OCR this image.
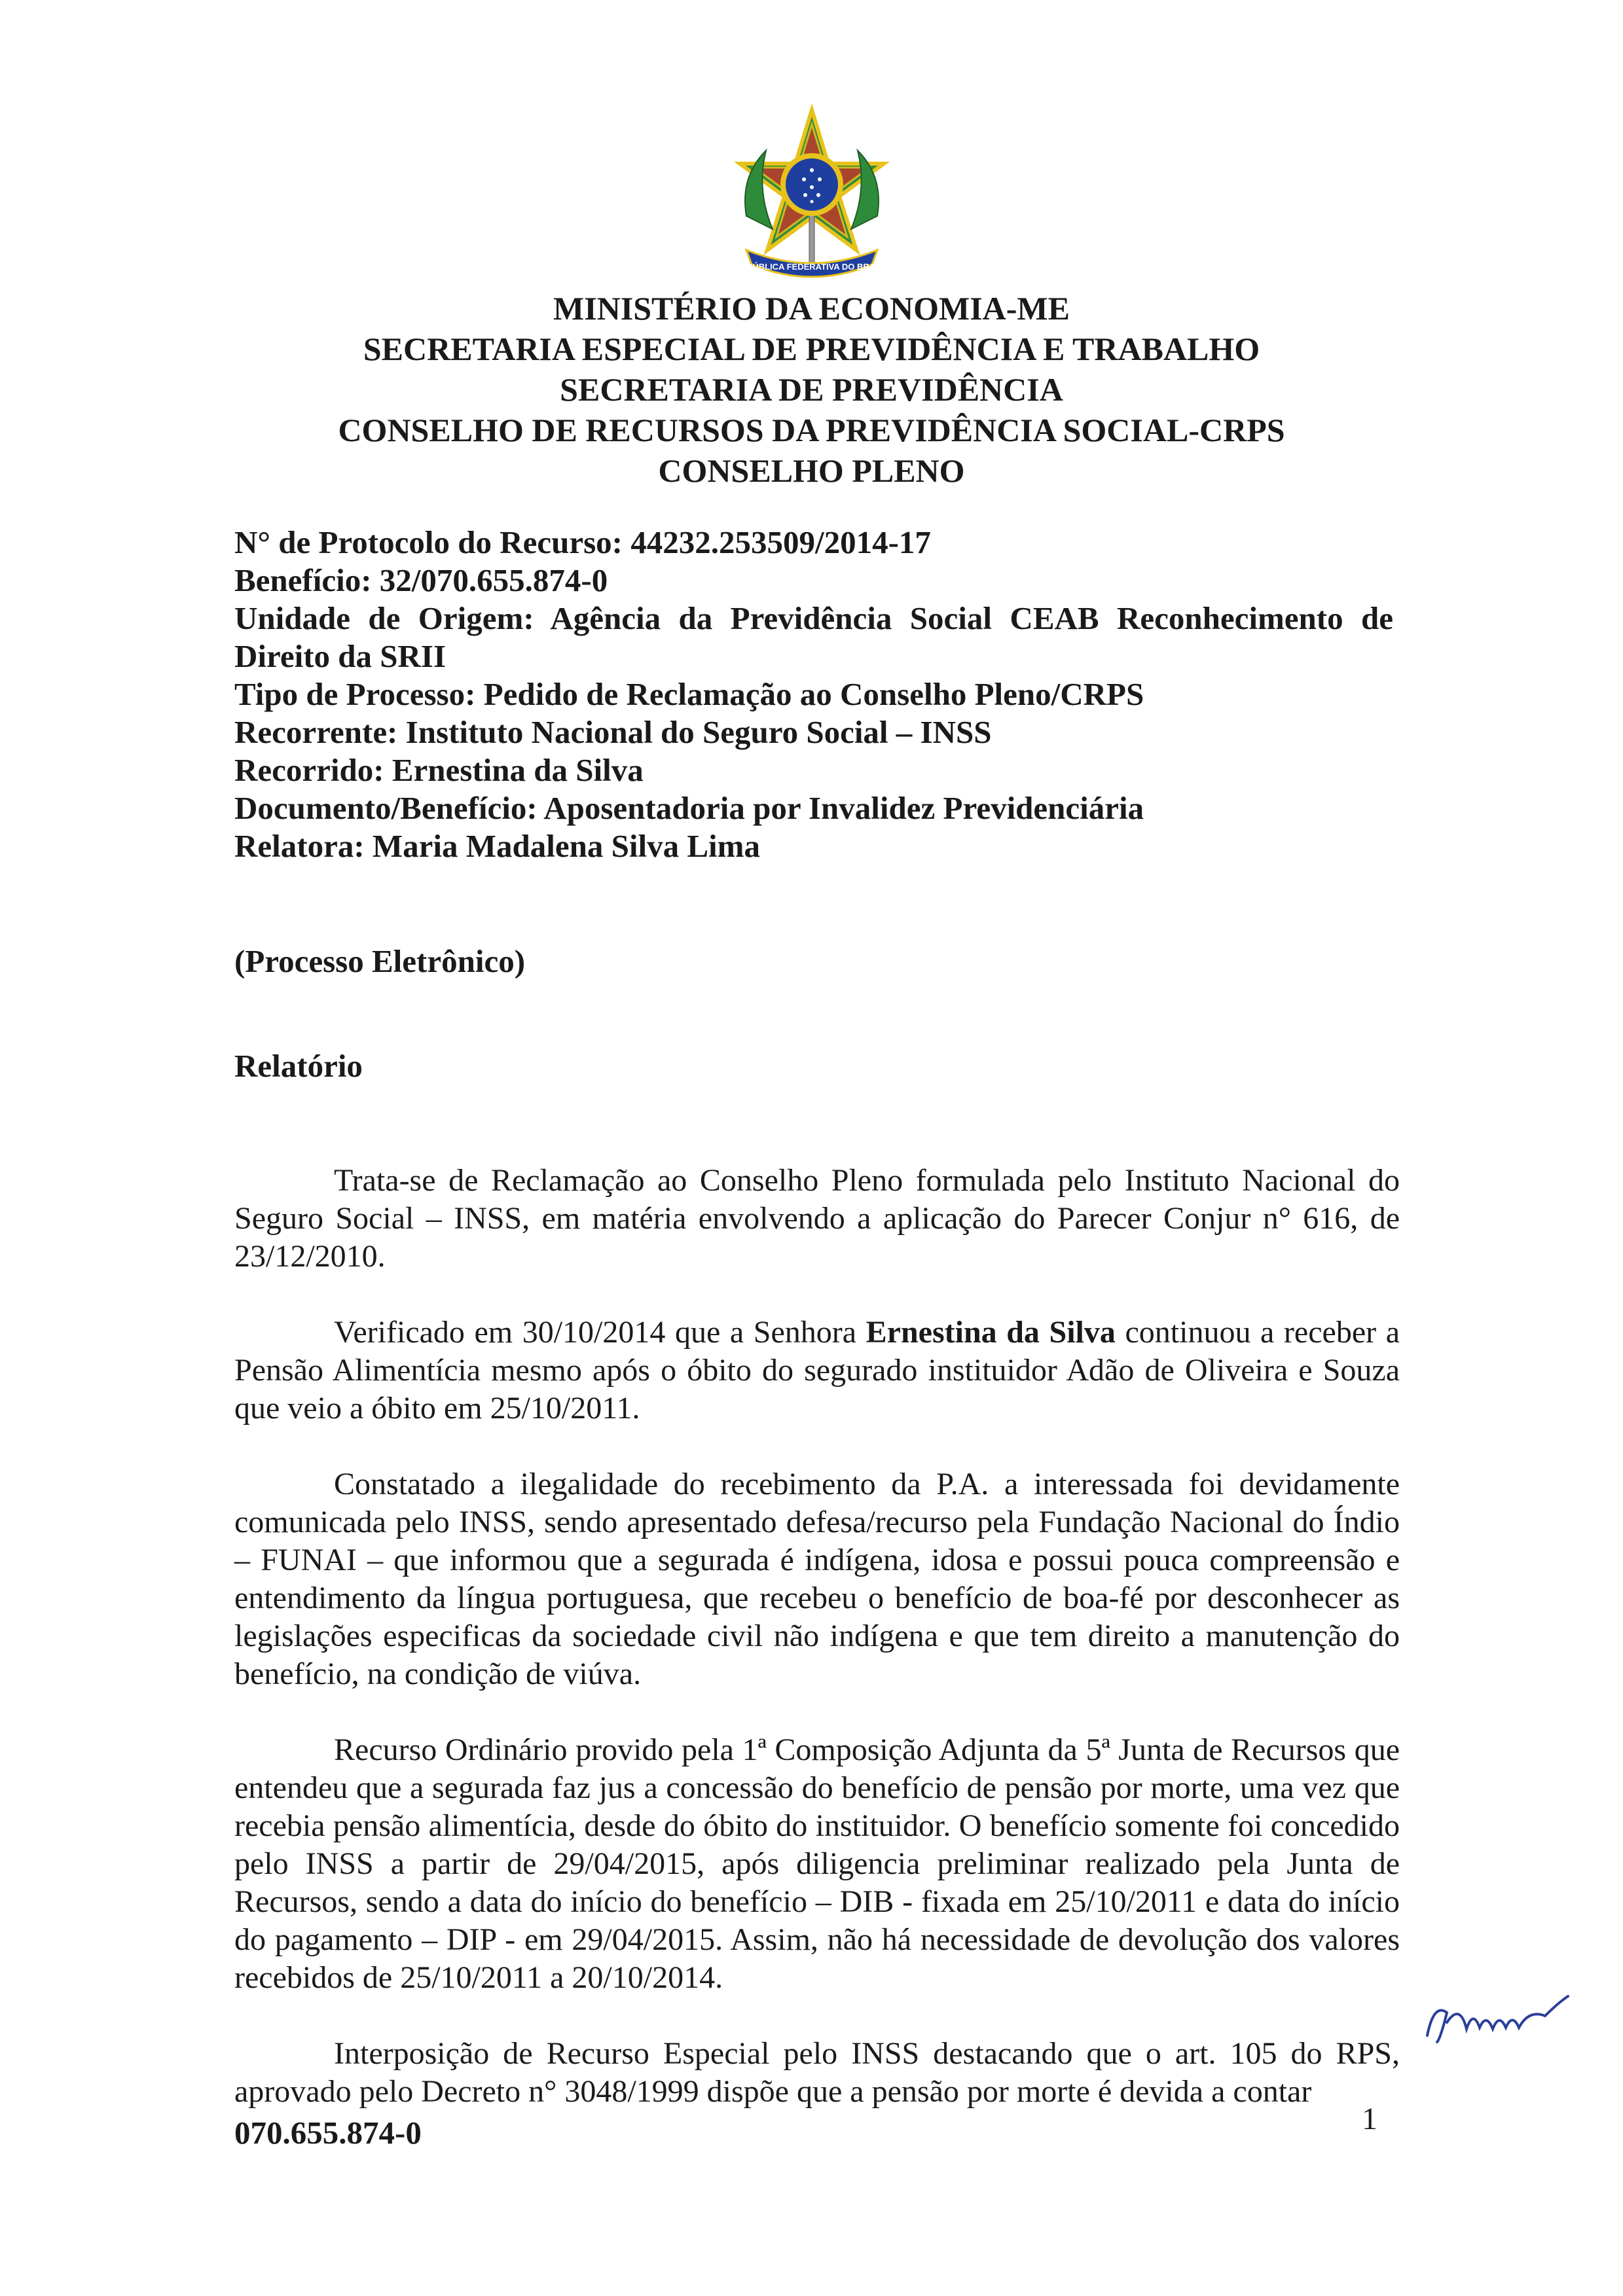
REPÚBLICA FEDERATIVA DO BRASIL
MINISTÉRIO DA ECONOMIA-ME
SECRETARIA ESPECIAL DE PREVIDÊNCIA E TRABALHO
SECRETARIA DE PREVIDÊNCIA
CONSELHO DE RECURSOS DA PREVIDÊNCIA SOCIAL-CRPS
CONSELHO PLENO

N° de Protocolo do Recurso: 44232.253509/2014-17

Benefício: 32/070.655.874-0

Unidade de Origem: Agência da Previdência Social CEAB Reconhecimento de

Direito da SRII

Tipo de Processo: Pedido de Reclamação ao Conselho Pleno/CRPS

Recorrente: Instituto Nacional do Seguro Social – INSS

Recorrido: Ernestina da Silva

Documento/Benefício: Aposentadoria por Invalidez Previdenciária

Relatora: Maria Madalena Silva Lima

(Processo Eletrônico)
Relatório

Trata-se de Reclamação ao Conselho Pleno formulada pelo Instituto Nacional do Seguro Social – INSS, em matéria envolvendo a aplicação do Parecer Conjur n° 616, de 23/12/2010.

Verificado em 30/10/2014 que a Senhora Ernestina da Silva continuou a receber a Pensão Alimentícia mesmo após o óbito do segurado instituidor Adão de Oliveira e Souza que veio a óbito em 25/10/2011.

Constatado a ilegalidade do recebimento da P.A. a interessada foi devidamente comunicada pelo INSS, sendo apresentado defesa/recurso pela Fundação Nacional do Índio – FUNAI – que informou que a segurada é indígena, idosa e possui pouca compreensão e entendimento da língua portuguesa, que recebeu o benefício de boa-fé por desconhecer as legislações especificas da sociedade civil não indígena e que tem direito a manutenção do benefício, na condição de viúva.

Recurso Ordinário provido pela 1ª Composição Adjunta da 5ª Junta de Recursos que entendeu que a segurada faz jus a concessão do benefício de pensão por morte, uma vez que recebia pensão alimentícia, desde do óbito do instituidor. O benefício somente foi concedido pelo INSS a partir de 29/04/2015, após diligencia preliminar realizado pela Junta de Recursos, sendo a data do início do benefício – DIB - fixada em 25/10/2011 e data do início do pagamento – DIP - em 29/04/2015. Assim, não há necessidade de devolução dos valores recebidos de 25/10/2011 a 20/10/2014.

Interposição de Recurso Especial pelo INSS destacando que o art. 105 do RPS, aprovado pelo Decreto n° 3048/1999 dispõe que a pensão por morte é devida a contar

070.655.874-0	1
